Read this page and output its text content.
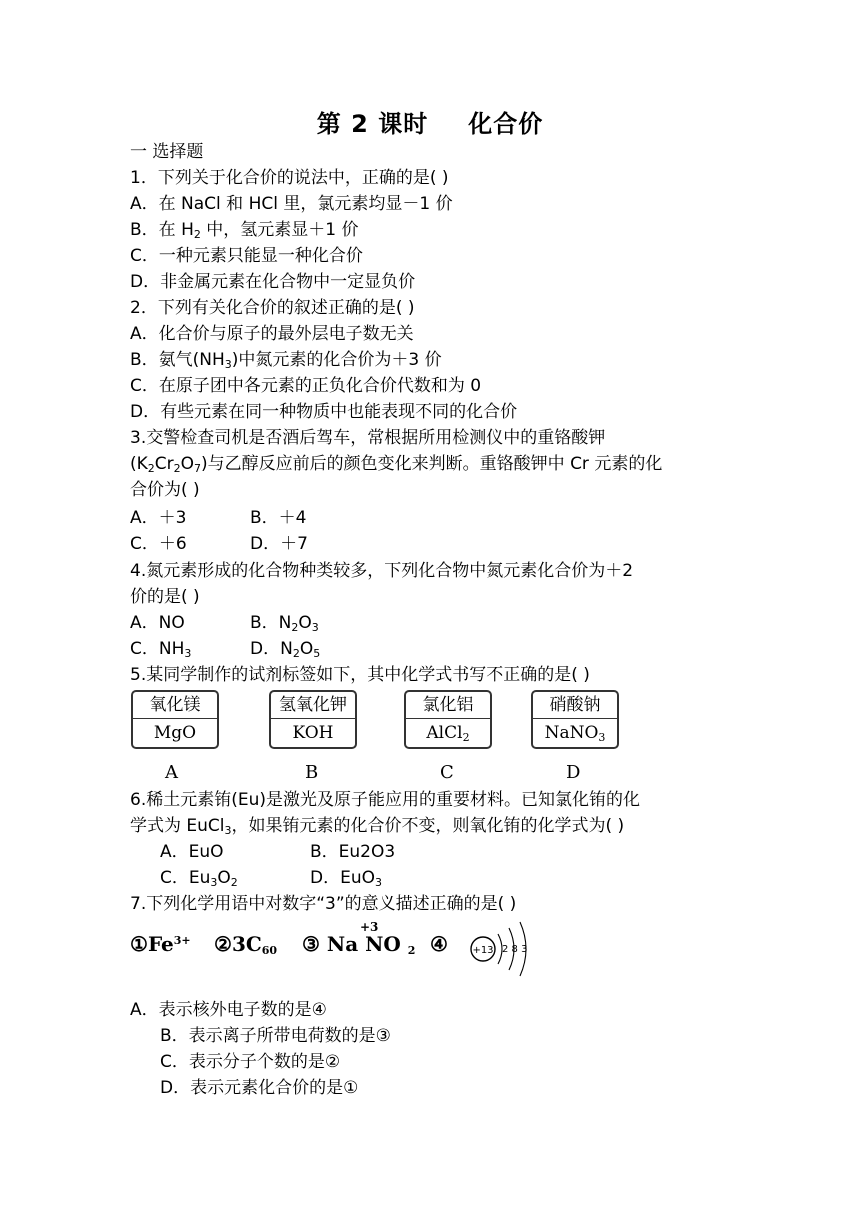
第 2 课时 化合价
一 选择题
1．下列关于化合价的说法中，正确的是( )
A．在 NaCl 和 HCl 里，氯元素均显－1 价
B．在 $H_2$ 中，氢元素显＋1 价
C．一种元素只能显一种化合价
D．非金属元素在化合物中一定显负价
2．下列有关化合价的叙述正确的是( )
A．化合价与原子的最外层电子数无关
B．氨气$(NH_3)$中氮元素的化合价为＋3 价
C．在原子团中各元素的正负化合价代数和为 0
D．有些元素在同一种物质中也能表现不同的化合价
3.交警检查司机是否酒后驾车，常根据所用检测仪中的重铬酸钾
$(K_2Cr_2O_7)$与乙醇反应前后的颜色变化来判断。重铬酸钾中 Cr 元素的化
合价为( )
A．＋3	B．＋4
C．＋6	D．＋7
4.氮元素形成的化合物种类较多，下列化合物中氮元素化合价为＋2
价的是( )
A．NO	B．$N_2O_3$
C．$NH_3$	D．$N_2O_5$
5.某同学制作的试剂标签如下，其中化学式书写不正确的是( )
氧化镁
MgO
氢氧化钾
KOH
氯化铝
AlCl$_2$
硝酸钠
NaNO$_3$
A	B	C	D
6.稀土元素铕(Eu)是激光及原子能应用的重要材料。已知氯化铕的化
学式为 EuCl$_3$，如果铕元素的化合价不变，则氧化铕的化学式为( )
A．EuO	B．Eu2O3
C．$Eu_3O_2$	D．EuO$_3$
7.下列化学用语中对数字“3”的意义描述正确的是( )
$①Fe^{3+}$ $②3C_{60}$ ③ Na NO $_2$
+3
④ +13 2 8 3
A．表示核外电子数的是④
B．表示离子所带电荷数的是③
C．表示分子个数的是②
D．表示元素化合价的是①
